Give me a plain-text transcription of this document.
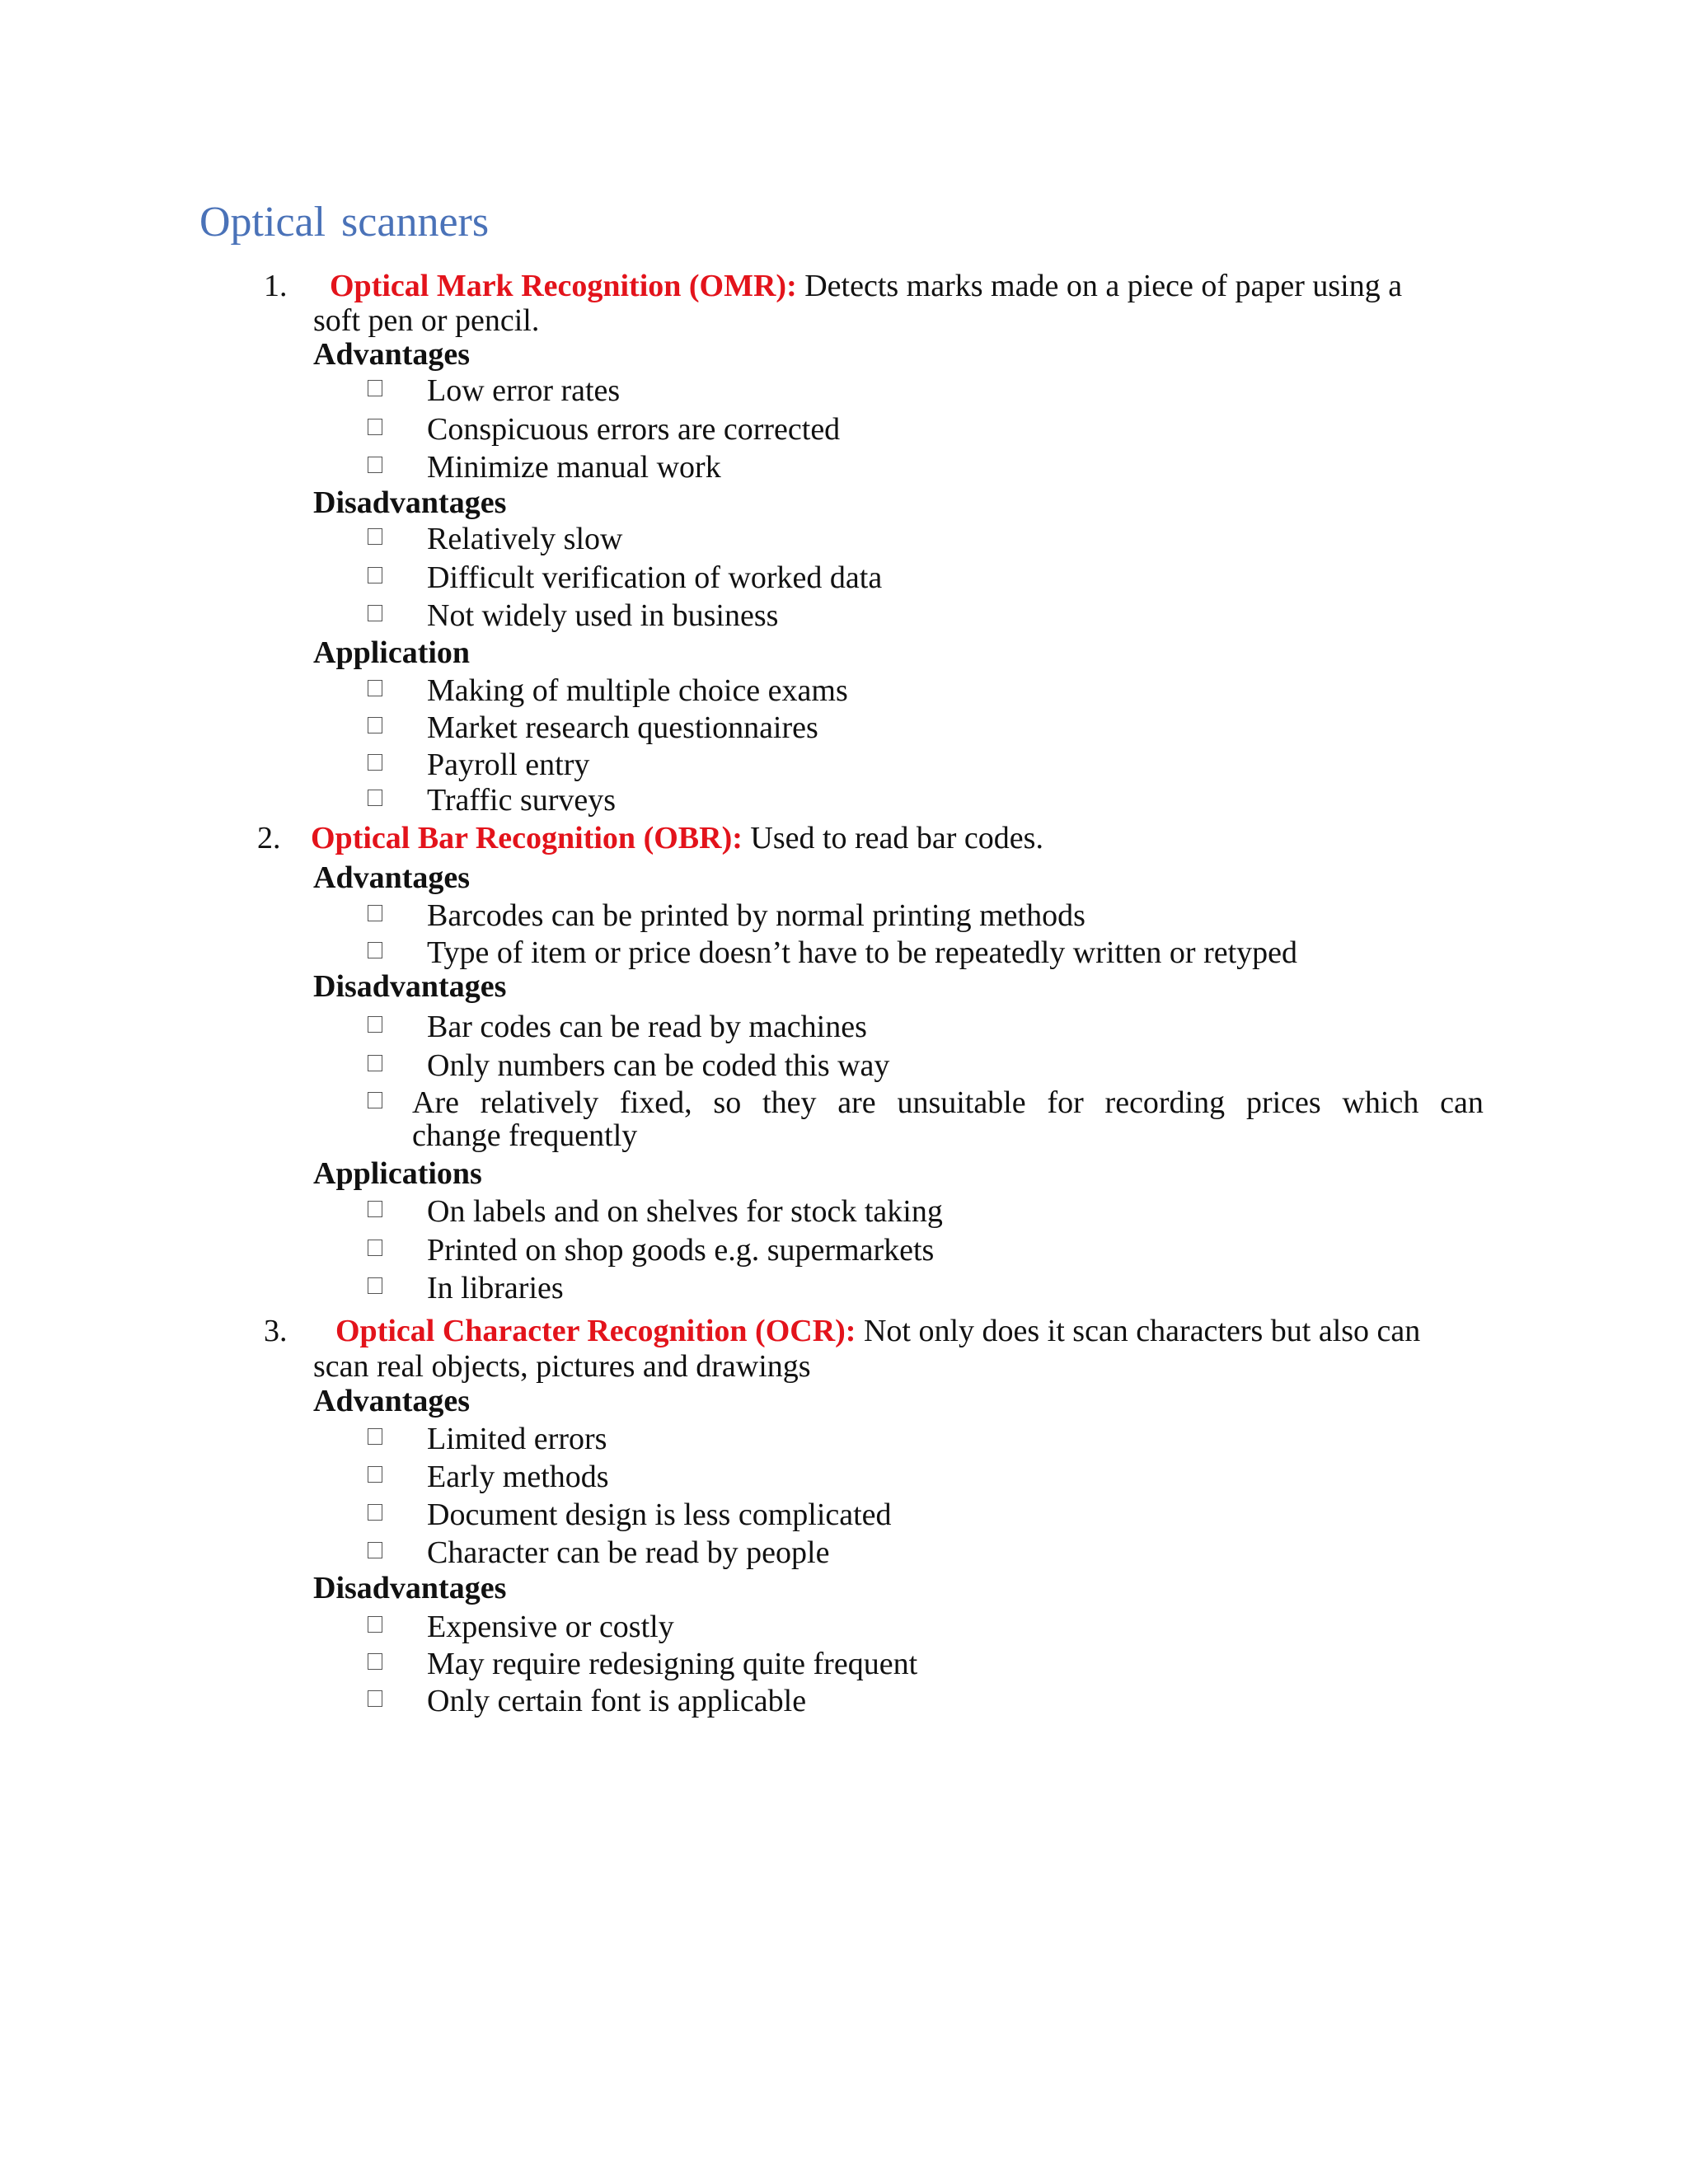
Optical scanners
1. Optical Mark Recognition (OMR): Detects marks made on a piece of paper using a
soft pen or pencil.
Advantages
Low error rates
Conspicuous errors are corrected
Minimize manual work
Disadvantages
Relatively slow
Difficult verification of worked data
Not widely used in business
Application
Making of multiple choice exams
Market research questionnaires
Payroll entry
Traffic surveys
2. Optical Bar Recognition (OBR): Used to read bar codes.
Advantages
Barcodes can be printed by normal printing methods
Type of item or price doesn’t have to be repeatedly written or retyped
Disadvantages
Bar codes can be read by machines
Only numbers can be coded this way
Are relatively fixed, so they are unsuitable for recording prices which can
change frequently
Applications
On labels and on shelves for stock taking
Printed on shop goods e.g. supermarkets
In libraries
3. Optical Character Recognition (OCR): Not only does it scan characters but also can
scan real objects, pictures and drawings
Advantages
Limited errors
Early methods
Document design is less complicated
Character can be read by people
Disadvantages
Expensive or costly
May require redesigning quite frequent
Only certain font is applicable
